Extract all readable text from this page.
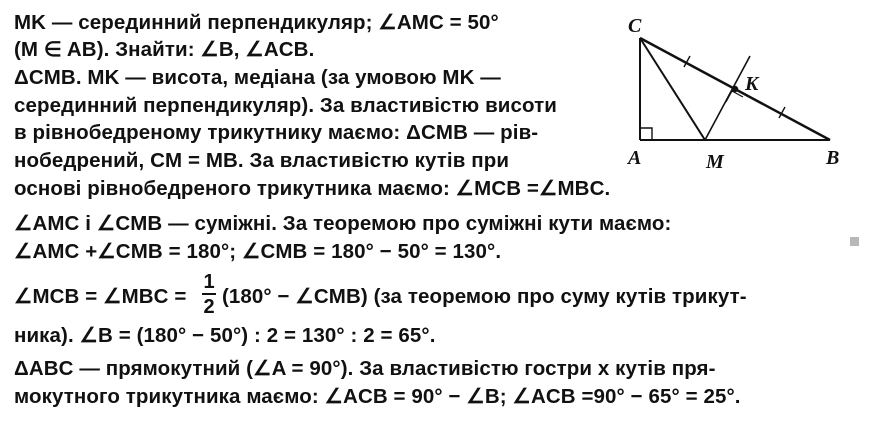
MK — серединний перпендикуляр; ∠AMC = 50°
(M ∈ AB). Знайти: ∠B, ∠ACB.
ΔCMB. MK — висота, медіана (за умовою MK —
серединний перпендикуляр). За властивістю висоти
в рівнобедреному трикутнику маємо: ΔCMB — рів-
нобедрений, CM = MB. За властивістю кутів при
основі рівнобедреного трикутника маємо: ∠MCB =∠MBC.
∠AMC і ∠CMB — суміжні. За теоремою про суміжні кути маємо:
∠AMC +∠CMB = 180°; ∠CMB = 180° − 50° = 130°.
∠MCB = ∠MBC =
1
2 (180° − ∠CMB) (за теоремою про суму кутів трикут-
ника). ∠B = (180° − 50°) : 2 = 130° : 2 = 65°.
ΔABC — прямокутний (∠A = 90°). За властивістю гостри х кутів пря-
мокутного трикутника маємо: ∠ACB = 90° − ∠B; ∠ACB =90° − 65° = 25°.
C
A	M	B
K
